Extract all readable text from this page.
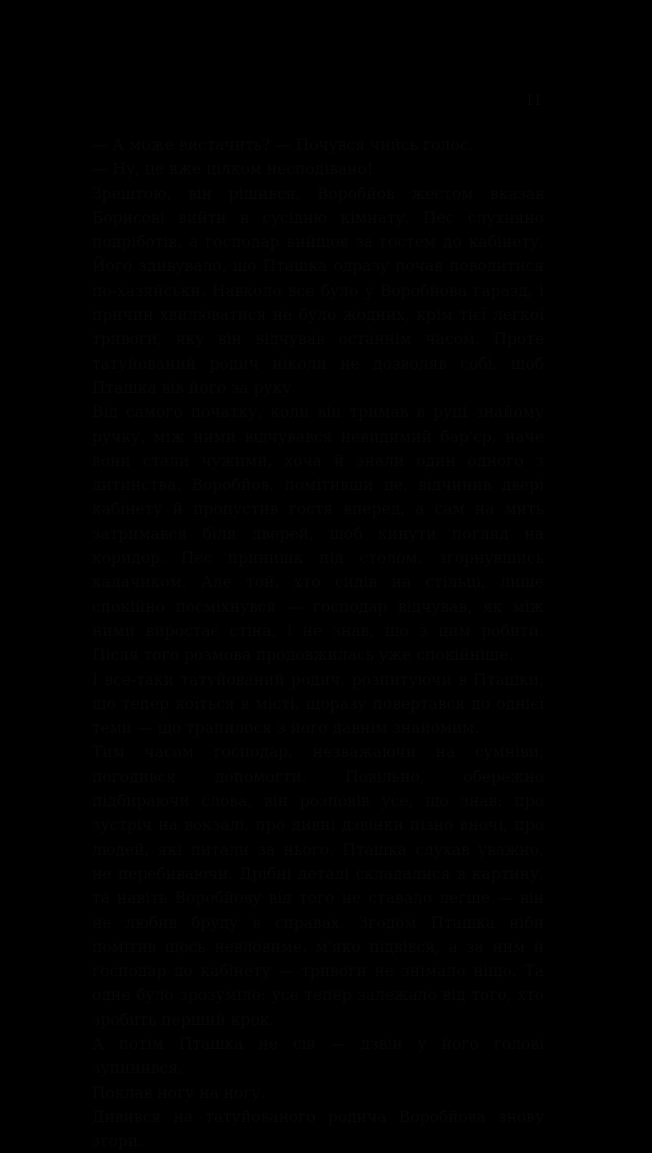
11

— А може вистачить? — Почувся чийсь голос.

— Ну, це вже цілком несподівано!

Зрештою, він рішився. Воробйов жестом вказав Борисові вийти в сусідню кімнату. Пес слухняно подріботів, а господар вийшов за гостем до кабінету. Його здивувало, що Пташка одразу почав поводитися по-хазяйськи. Навколо все було у Воробйова гаразд, і причин хвилюватися не було жодних, крім тієї легкої тривоги, яку він відчував останнім часом. Проте татуйований родич ніколи не дозволяв собі, щоб Пташка вів його за руку.

Від самого початку, коли він тримав в руці знайому ручку, між ними відчувався невидимий бар'єр, наче вони стали чужими, хоча й знали один одного з дитинства. Воробйов, помітивши це, відчинив двері кабінету й пропустив гостя вперед, а сам на мить затримався біля дверей, щоб кинути погляд на коридор. Пес принишк під столом, згорнувшись калачиком. Але той, хто сидів на стільці, лише спокійно посміхнувся — господар відчував, як між ними виростає стіна, і не знав, що з цим робити. Після того розмова продовжилась уже спокійніше.

І все-таки татуйований родич, розпитуючи в Пташки, що тепер коїться в місті, щоразу повертався до однієї теми — що трапилося з його давнім знайомим.

Тим часом господар, незважаючи на сумніви, погодився допомогти. Повільно, обережно підбираючи слова, він розповів усе, що знав: про зустріч на вокзалі, про дивні дзвінки пізно вночі, про людей, які питали за нього. Пташка слухав уважно, не перебиваючи. Дрібні деталі складалися в картину, та навіть Воробйову від того не ставало легше — він не любив бруду в справах. Згодом Пташка ніби помітив щось невловиме, м'яко підвівся, а за ним й господар до кабінету — тривоги не знімало ніщо. Та одне було зрозуміло: усе тепер залежало від того, хто зробить перший крок.

А потім Пташка не сів — дзвін у його голові зупинився.

Поклав ногу на ногу.

Дивився на татуйованого родича Воробйова знову згори.
